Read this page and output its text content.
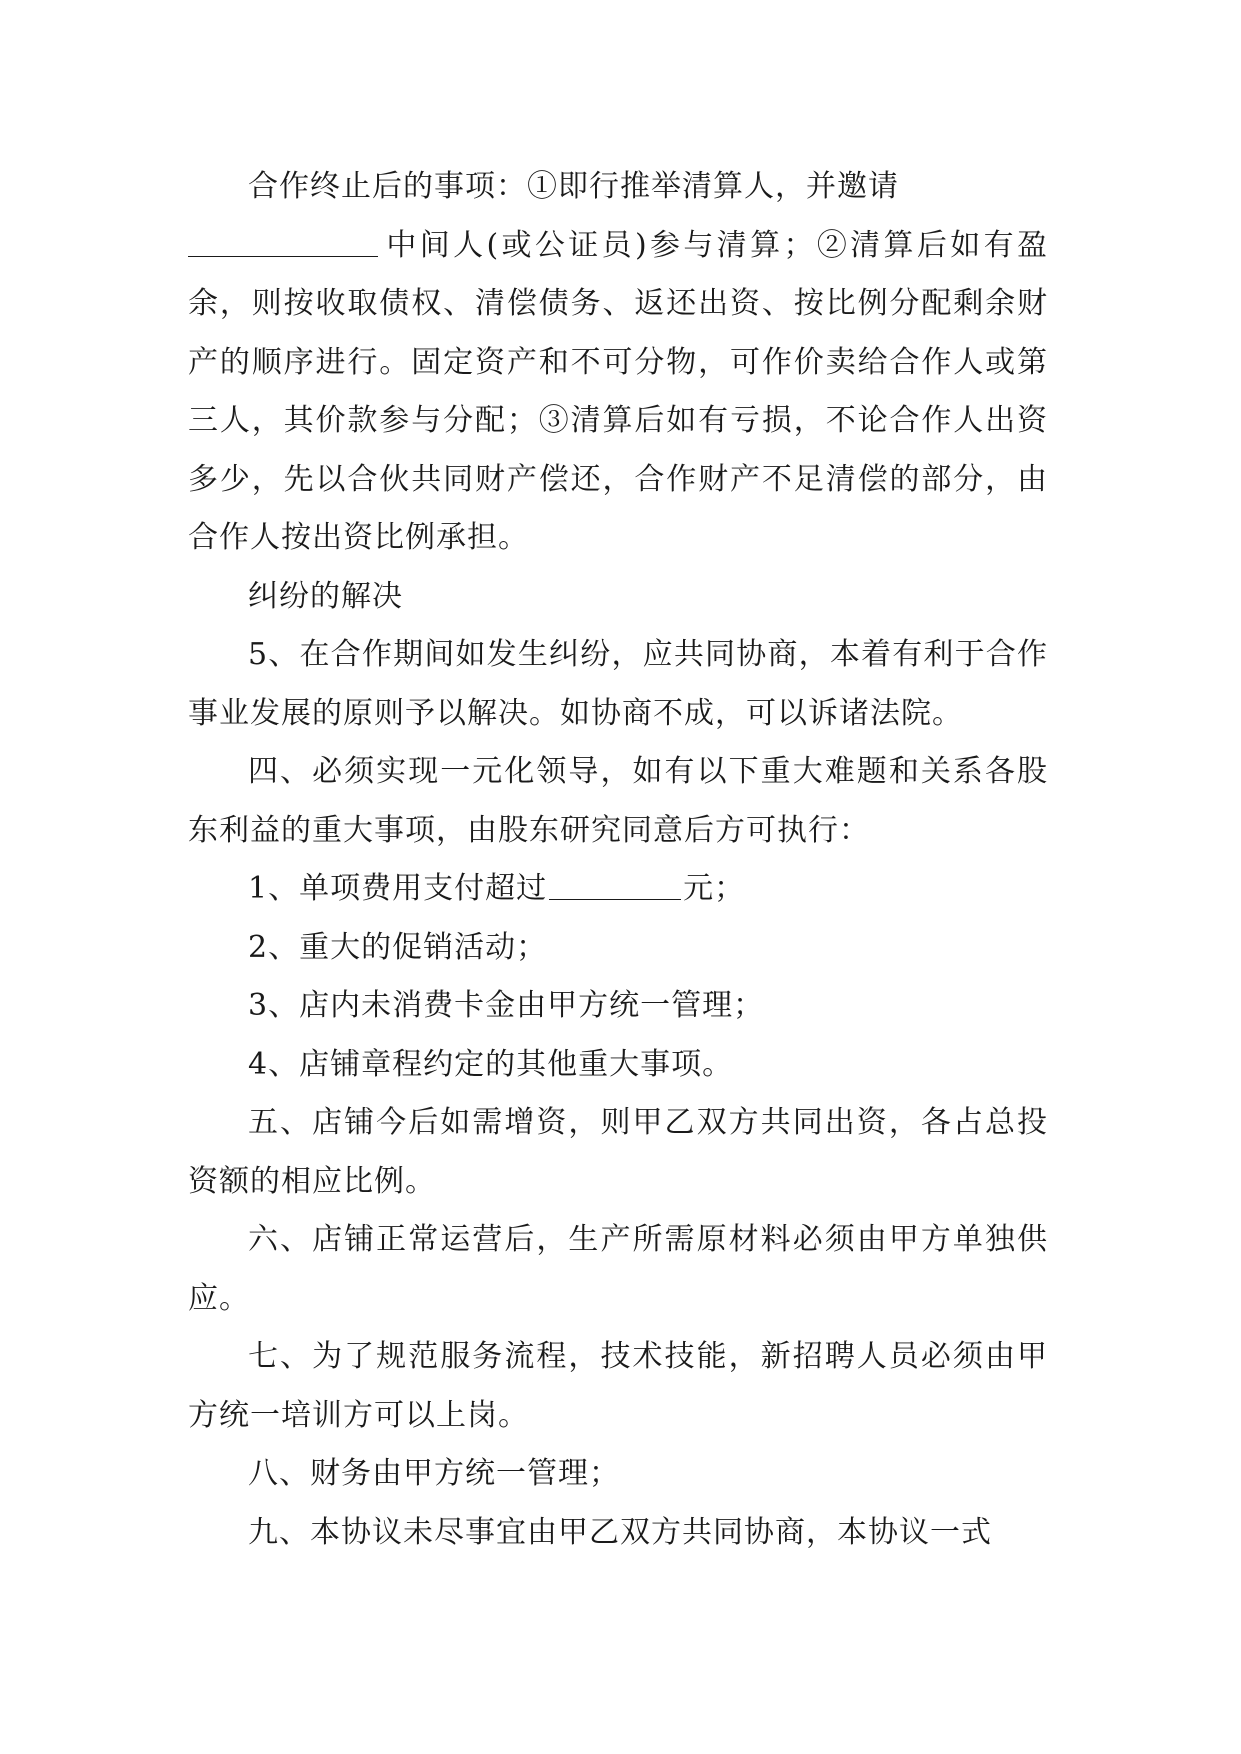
合作终止后的事项：①即行推举清算人，并邀请
中间人(或公证员)参与清算；②清算后如有盈余，则按收取债权、清偿债务、返还出资、按比例分配剩余财产的顺序进行。固定资产和不可分物，可作价卖给合作人或第三人，其价款参与分配；③清算后如有亏损，不论合作人出资多少，先以合伙共同财产偿还，合作财产不足清偿的部分，由合作人按出资比例承担。

纠纷的解决

5、在合作期间如发生纠纷，应共同协商，本着有利于合作事业发展的原则予以解决。如协商不成，可以诉诸法院。

四、必须实现一元化领导，如有以下重大难题和关系各股东利益的重大事项，由股东研究同意后方可执行：

1、单项费用支付超过	元；

2、重大的促销活动；

3、店内未消费卡金由甲方统一管理；

4、店铺章程约定的其他重大事项。

五、店铺今后如需增资，则甲乙双方共同出资，各占总投资额的相应比例。

六、店铺正常运营后，生产所需原材料必须由甲方单独供应。

七、为了规范服务流程，技术技能，新招聘人员必须由甲方统一培训方可以上岗。

八、财务由甲方统一管理；

九、本协议未尽事宜由甲乙双方共同协商，本协议一式
